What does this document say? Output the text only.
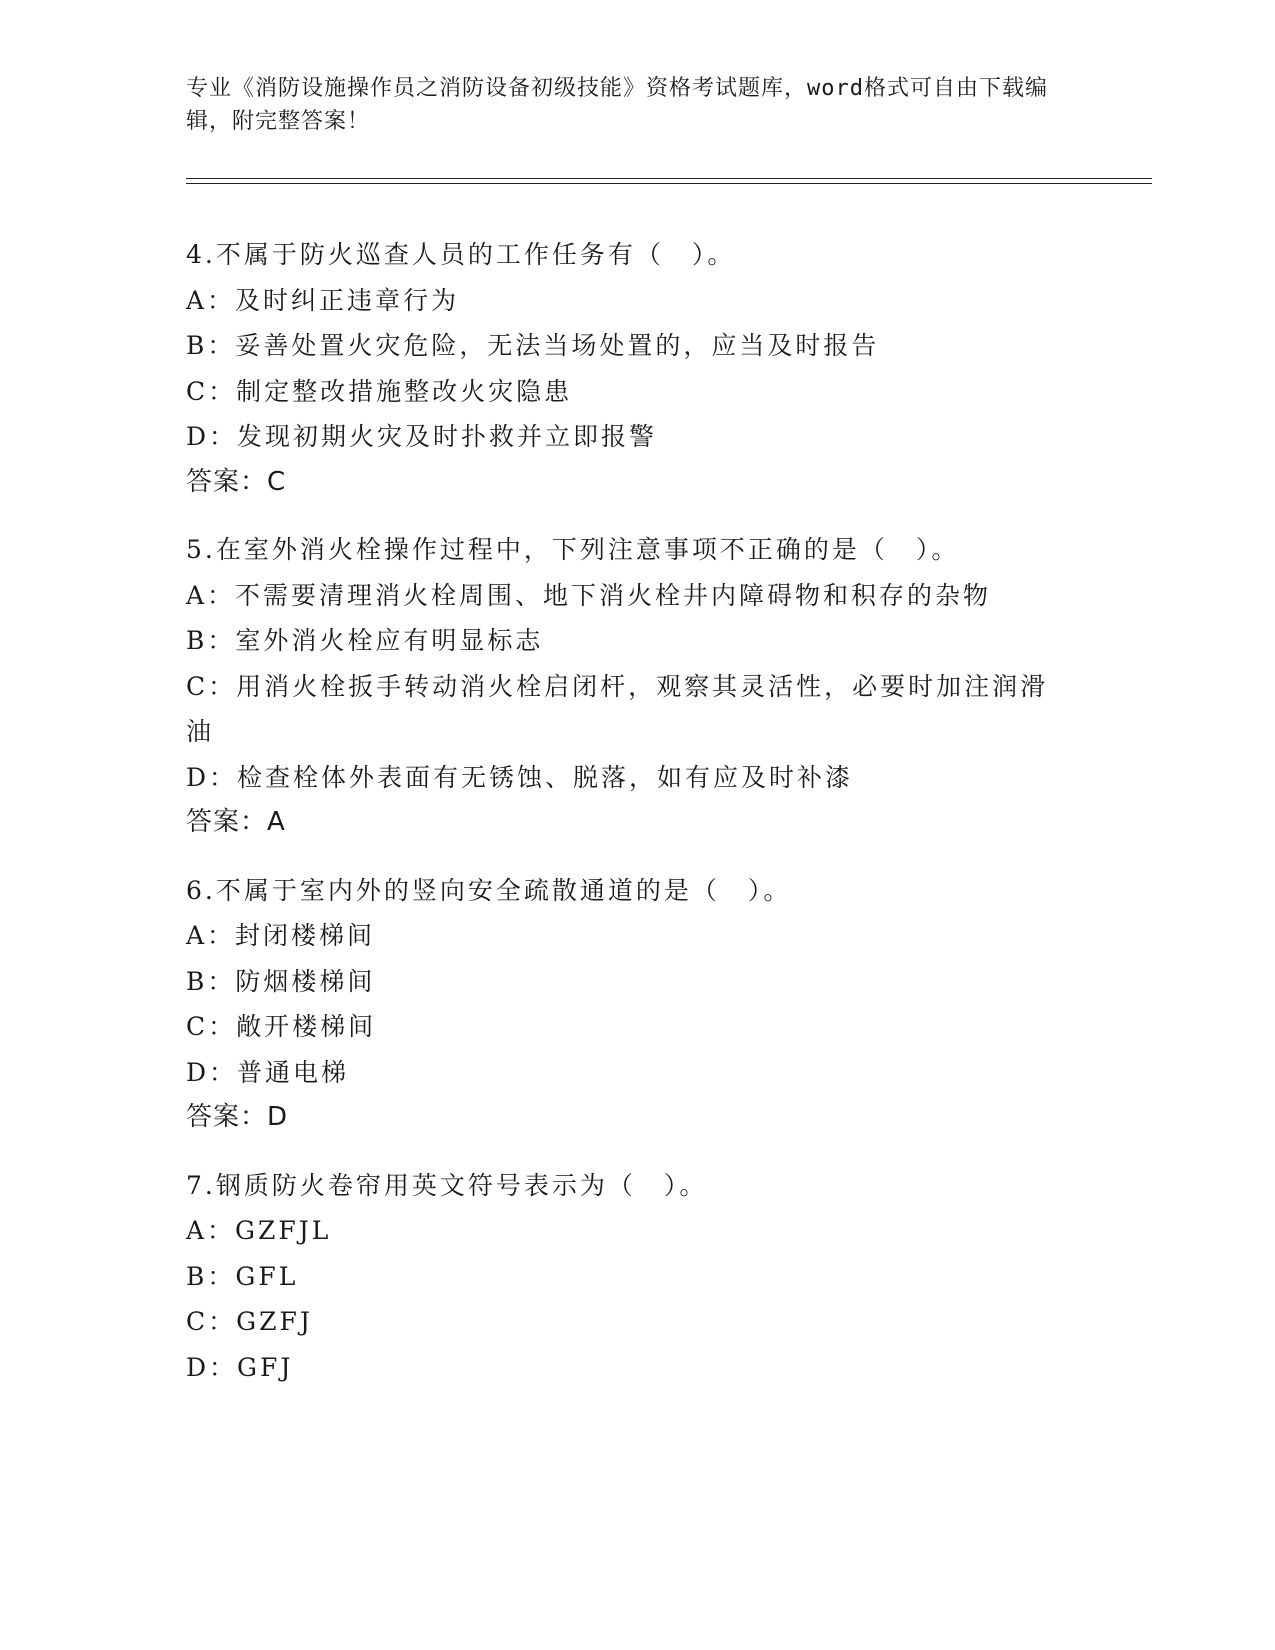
专业《消防设施操作员之消防设备初级技能》资格考试题库，word格式可自由下载编辑，附完整答案！
4.不属于防火巡查人员的工作任务有（　）。
A：及时纠正违章行为
B：妥善处置火灾危险，无法当场处置的，应当及时报告
C：制定整改措施整改火灾隐患
D：发现初期火灾及时扑救并立即报警
答案：C
5.在室外消火栓操作过程中，下列注意事项不正确的是（　）。
A：不需要清理消火栓周围、地下消火栓井内障碍物和积存的杂物
B：室外消火栓应有明显标志
C：用消火栓扳手转动消火栓启闭杆，观察其灵活性，必要时加注润滑油
D：检查栓体外表面有无锈蚀、脱落，如有应及时补漆
答案：A
6.不属于室内外的竖向安全疏散通道的是（　）。
A：封闭楼梯间
B：防烟楼梯间
C：敞开楼梯间
D：普通电梯
答案：D
7.钢质防火卷帘用英文符号表示为（　）。
A：GZFJL
B：GFL
C：GZFJ
D：GFJ
